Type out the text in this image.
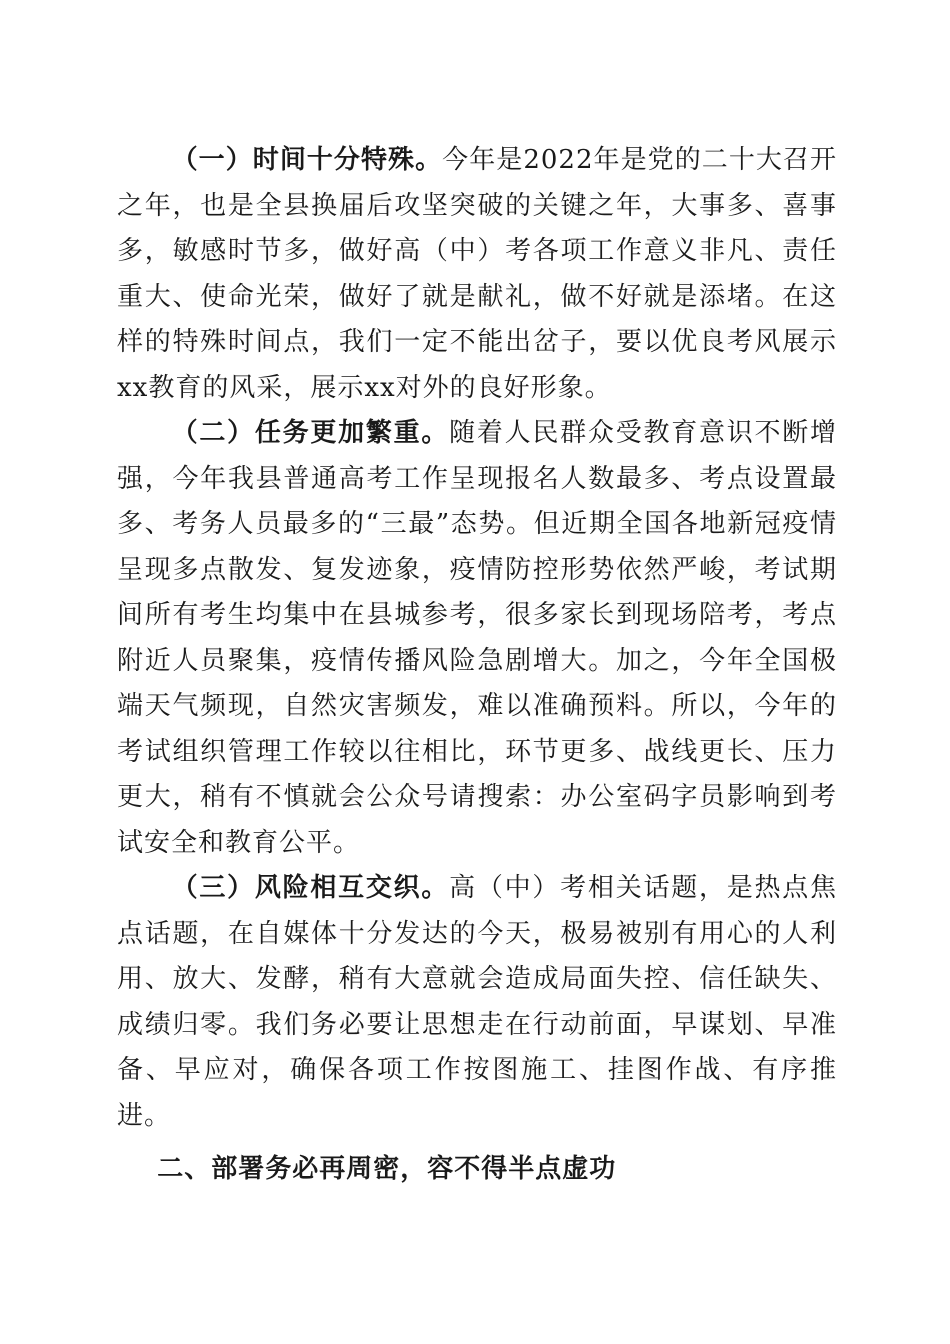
（一）时间十分特殊。今年是2022年是党的二十大召开之年，也是全县换届后攻坚突破的关键之年，大事多、喜事多，敏感时节多，做好高（中）考各项工作意义非凡、责任重大、使命光荣，做好了就是献礼，做不好就是添堵。在这样的特殊时间点，我们一定不能出岔子，要以优良考风展示xx教育的风采，展示xx对外的良好形象。

（二）任务更加繁重。随着人民群众受教育意识不断增强，今年我县普通高考工作呈现报名人数最多、考点设置最多、考务人员最多的“三最”态势。但近期全国各地新冠疫情呈现多点散发、复发迹象，疫情防控形势依然严峻，考试期间所有考生均集中在县城参考，很多家长到现场陪考，考点附近人员聚集，疫情传播风险急剧增大。加之，今年全国极端天气频现，自然灾害频发，难以准确预料。所以，今年的考试组织管理工作较以往相比，环节更多、战线更长、压力更大，稍有不慎就会公众号请搜索：办公室码字员影响到考试安全和教育公平。

（三）风险相互交织。高（中）考相关话题，是热点焦点话题，在自媒体十分发达的今天，极易被别有用心的人利用、放大、发酵，稍有大意就会造成局面失控、信任缺失、成绩归零。我们务必要让思想走在行动前面，早谋划、早准备、早应对，确保各项工作按图施工、挂图作战、有序推进。

二、部署务必再周密，容不得半点虚功
